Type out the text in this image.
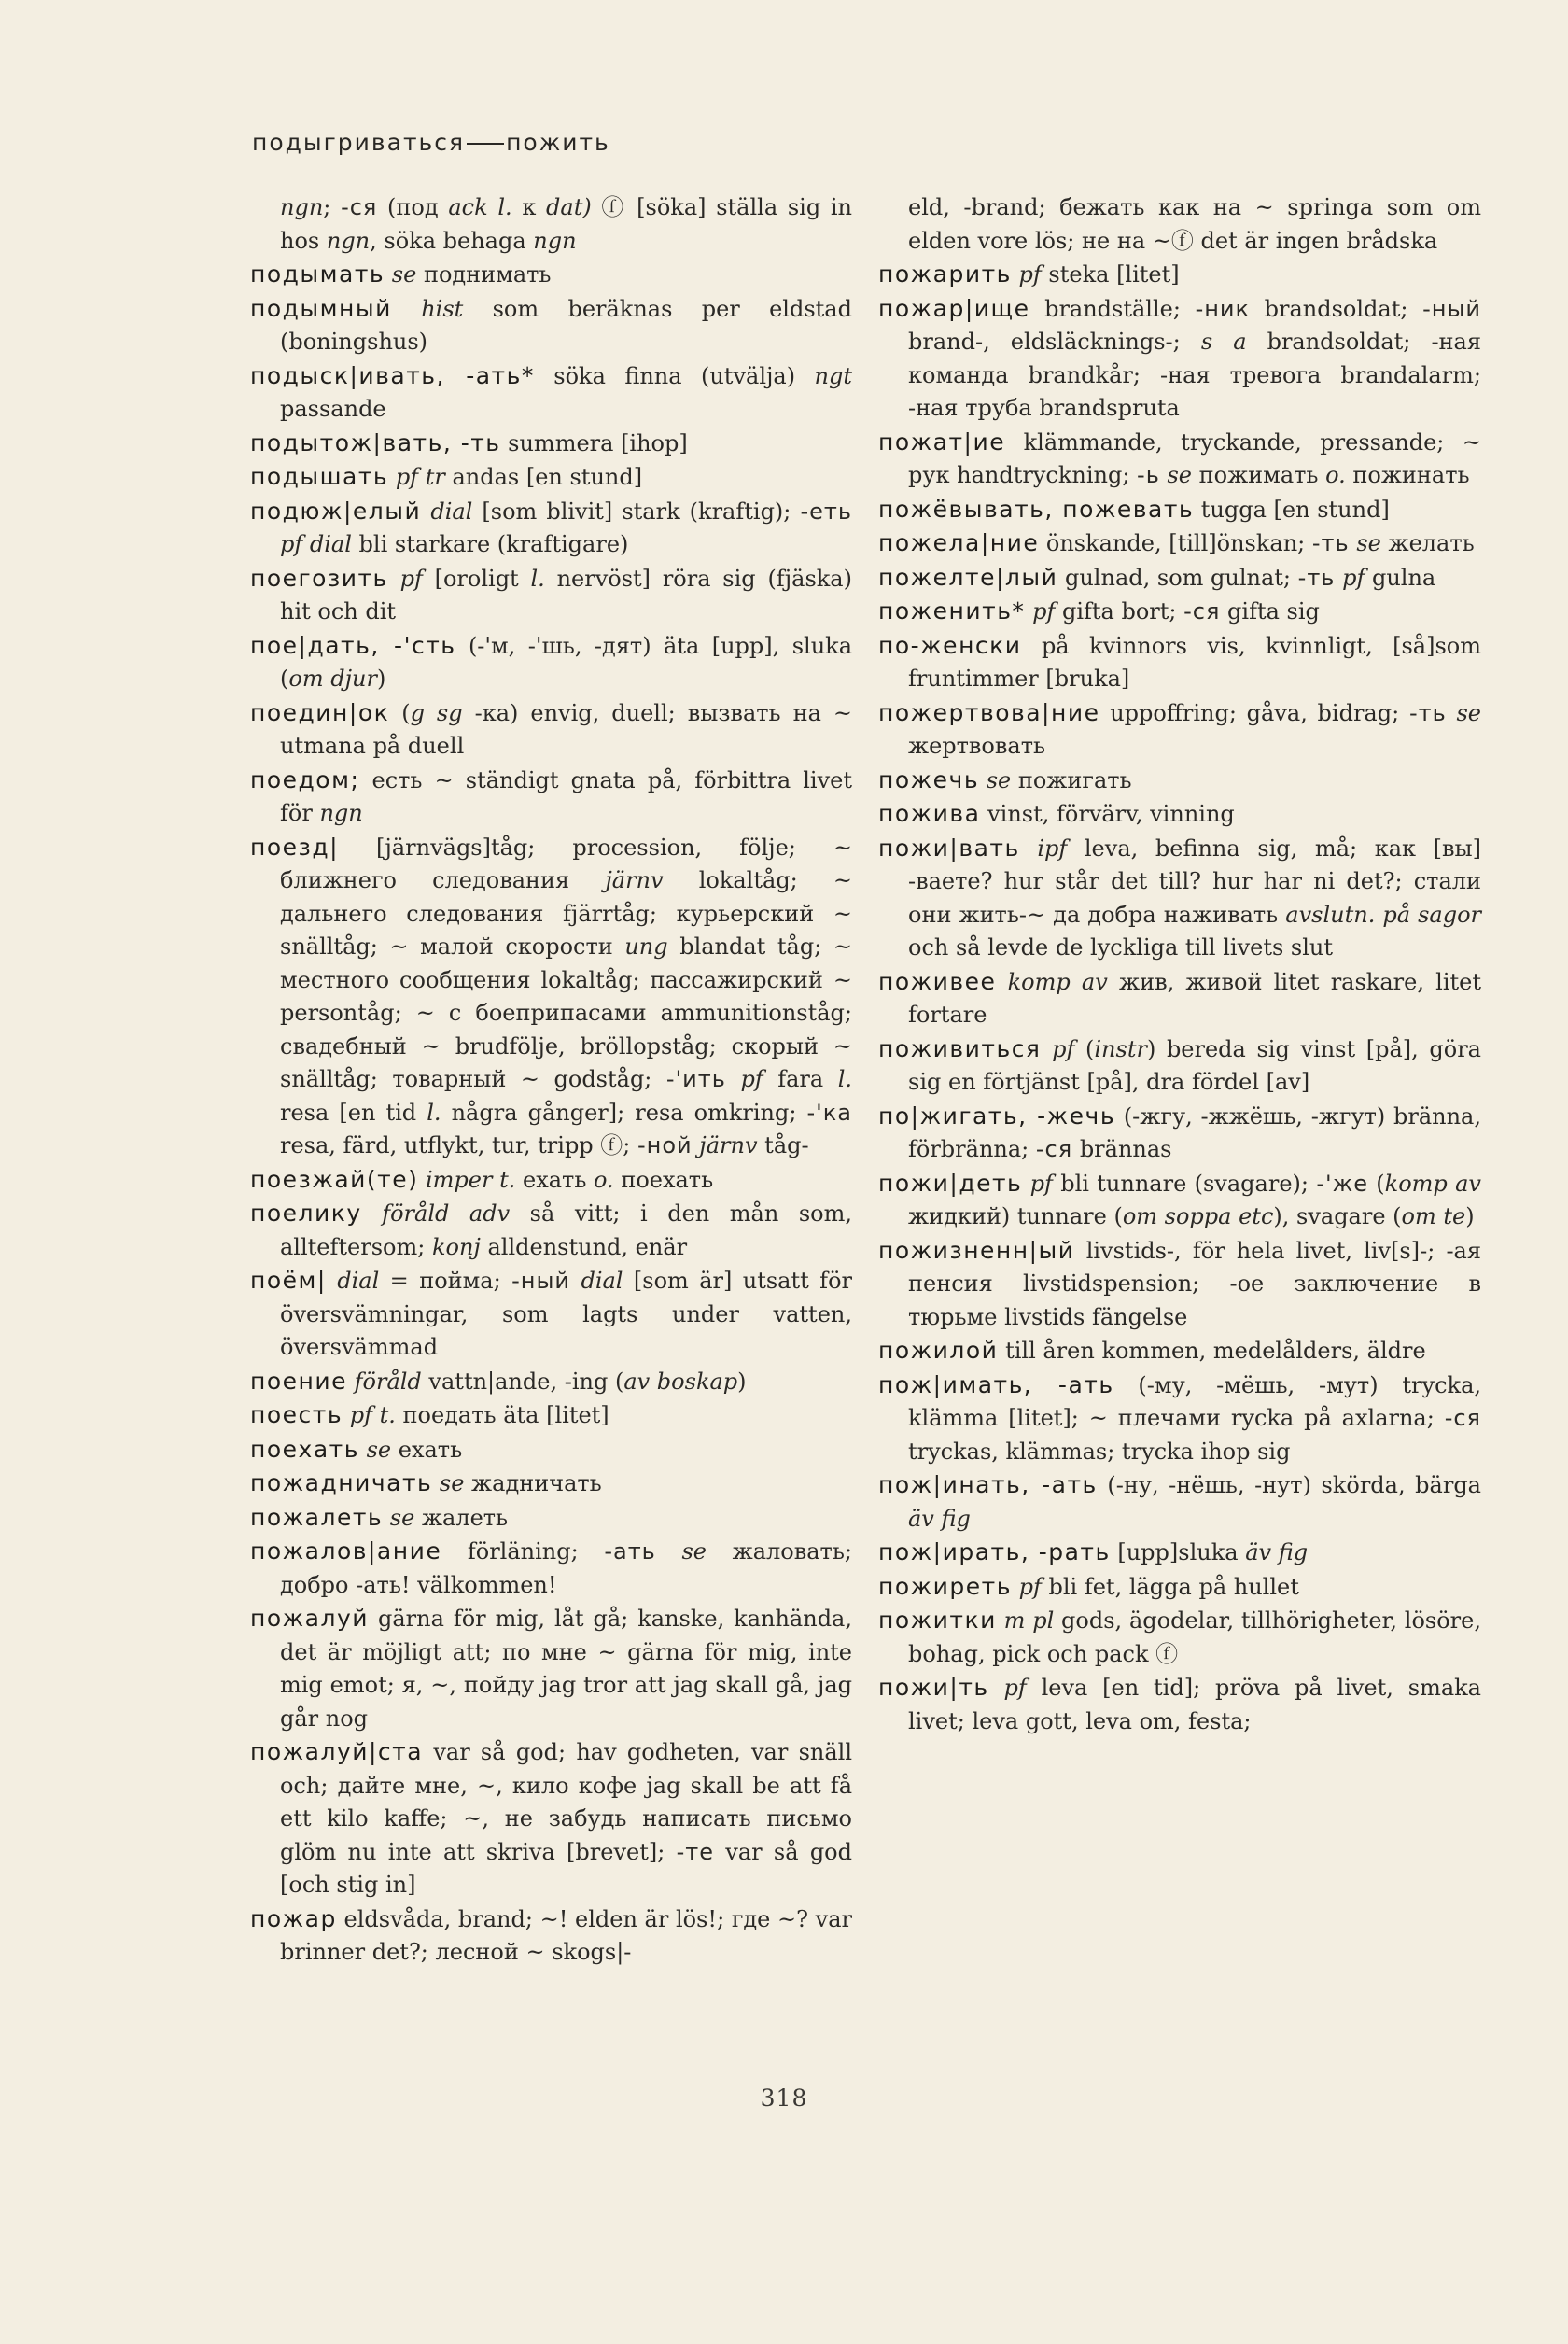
подыгриваться пожить

ngn; -ся (под ack l. к dat) ⓕ [söka] ställa sig in hos ngn, söka behaga ngn

подымать se поднимать

подымный hist som beräknas per eldstad (boningshus)

подыск|ивать, -ать* söka finna (utvälja) ngt passande

подытож|вать, -ть summera [ihop]

подышать pf tr andas [en stund]

подюж|елый dial [som blivit] stark (kraftig); -еть pf dial bli starkare (kraftigare)

поегозить pf [oroligt l. nervöst] röra sig (fjäska) hit och dit

пое|дать, -'сть (-'м, -'шь, -дят) äta [upp], sluka (om djur)

поедин|ок (g sg -ка) envig, duell; вызвать на ~ utmana på duell

поедом; есть ~ ständigt gnata på, förbittra livet för ngn

поезд| [järnvägs]tåg; procession, följe; ~ ближнего следования järnv lokaltåg; ~ дальнего следования fjärrtåg; курьерский ~ snälltåg; ~ малой скорости ung blandat tåg; ~ местного сообщения lokaltåg; пассажирский ~ persontåg; ~ с боеприпасами ammunitionståg; свадебный ~ brudfölje, bröllopståg; скорый ~ snälltåg; товарный ~ godståg; -'ить pf fara l. resa [en tid l. några gånger]; resa omkring; -'ка resa, färd, utflykt, tur, tripp ⓕ; -ной järnv tåg-

поезжай(те) imper t. ехать o. поехать

поелику föråld adv så vitt; i den mån som, allteftersom; konj alldenstund, enär

поём| dial = пойма; -ный dial [som är] utsatt för översvämningar, som lagts under vatten, översvämmad

поение föråld vattn|ande, -ing (av boskap)

поесть pf t. поедать äta [litet]

поехать se ехать

пожадничать se жадничать

пожалеть se жалеть

пожалов|ание förläning; -ать se жаловать; добро -ать! välkommen!

пожалуй gärna för mig, låt gå; kanske, kanhända, det är möjligt att; по мне ~ gärna för mig, inte mig emot; я, ~, пойду jag tror att jag skall gå, jag går nog

пожалуй|ста var så god; hav godheten, var snäll och; дайте мне, ~, кило кофе jag skall be att få ett kilo kaffe; ~, не забудь написать письмо glöm nu inte att skriva [brevet]; -те var så god [och stig in]

пожар eldsvåda, brand; ~! elden är lös!; где ~? var brinner det?; лесной ~ skogs|-

eld, -brand; бежать как на ~ springa som om elden vore lös; не на ~ⓕ det är ingen brådska

пожарить pf steka [litet]

пожар|ище brandställe; -ник brandsoldat; -ный brand-, eldsläcknings-; s a brandsoldat; -ная команда brandkår; -ная тревога brandalarm; -ная труба brandspruta

пожат|ие klämmande, tryckande, pressande; ~ рук handtryckning; -ь se пожимать o. пожинать

пожёвывать, пожевать tugga [en stund]

пожела|ние önskande, [till]önskan; -ть se желать

пожелте|лый gulnad, som gulnat; -ть pf gulna

поженить* pf gifta bort; -ся gifta sig

по-женски på kvinnors vis, kvinnligt, [så]som fruntimmer [bruka]

пожертвова|ние uppoffring; gåva, bidrag; -ть se жертвовать

пожечь se пожигать

пожива vinst, förvärv, vinning

пожи|вать ipf leva, befinna sig, må; как [вы] -ваете? hur står det till? hur har ni det?; стали они жить-~ да добра наживать avslutn. på sagor och så levde de lyckliga till livets slut

поживее komp av жив, живой litet raskare, litet fortare

поживиться pf (instr) bereda sig vinst [på], göra sig en förtjänst [på], dra fördel [av]

по|жигать, -жечь (-жгу, -жжёшь, -жгут) bränna, förbränna; -ся brännas

пожи|деть pf bli tunnare (svagare); -'же (komp av жидкий) tunnare (om soppa etc), svagare (om te)

пожизненн|ый livstids-, för hela livet, liv[s]-; -ая пенсия livstidspension; -ое заключение в тюрьме livstids fängelse

пожилой till åren kommen, medelålders, äldre

пож|имать, -ать (-му, -мёшь, -мут) trycka, klämma [litet]; ~ плечами rycka på axlarna; -ся tryckas, klämmas; trycka ihop sig

пож|инать, -ать (-ну, -нёшь, -нут) skörda, bärga äv fig

пож|ирать, -рать [upp]sluka äv fig

пожиреть pf bli fet, lägga på hullet

пожитки m pl gods, ägodelar, tillhörigheter, lösöre, bohag, pick och pack ⓕ

пожи|ть pf leva [en tid]; pröva på livet, smaka livet; leva gott, leva om, festa;

318
